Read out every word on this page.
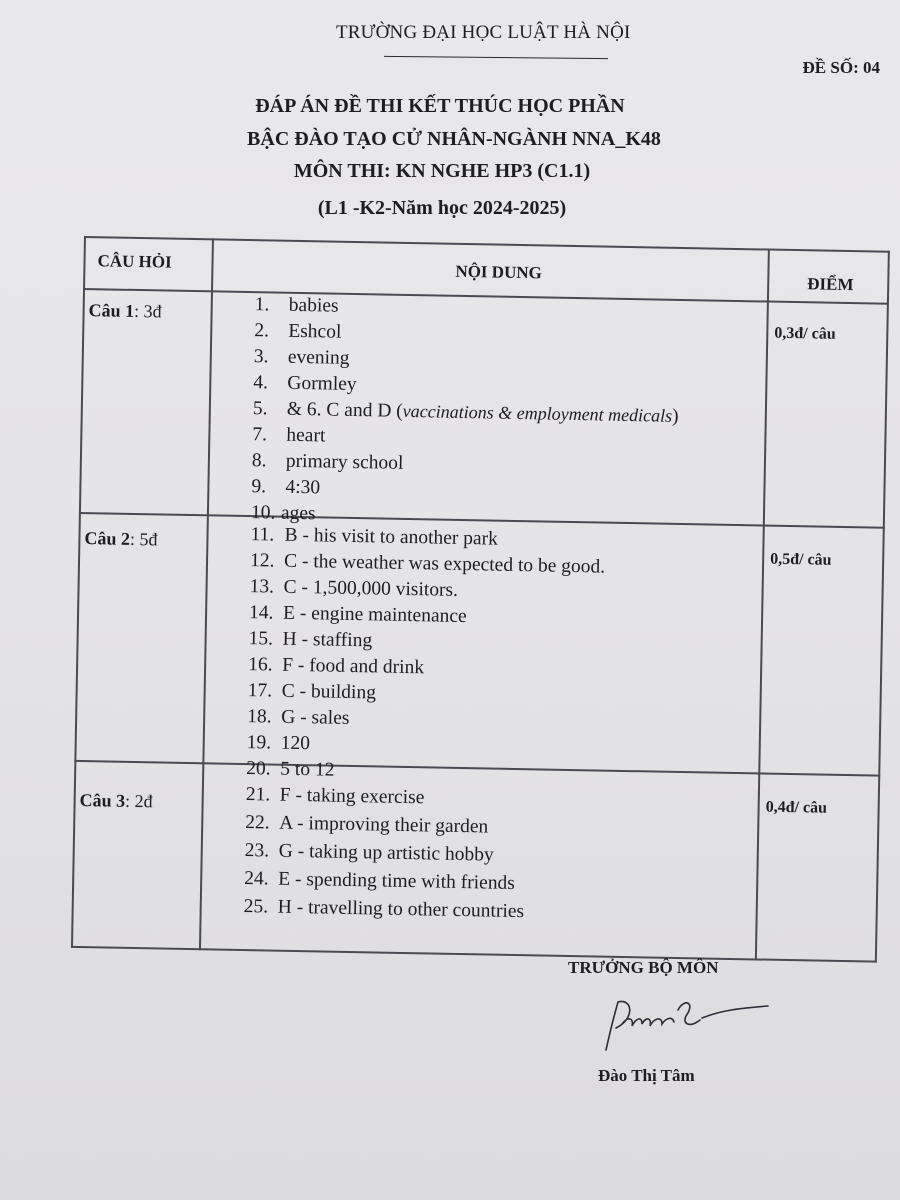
TRƯỜNG ĐẠI HỌC LUẬT HÀ NỘI
ĐỀ SỐ: 04
ĐÁP ÁN ĐỀ THI KẾT THÚC HỌC PHẦN
BẬC ĐÀO TẠO CỬ NHÂN-NGÀNH NNA_K48
MÔN THI: KN NGHE HP3 (C1.1)
(L1 -K2-Năm học 2024-2025)
CÂU HỎI
NỘI DUNG
ĐIỂM
Câu 1: 3đ
0,3đ/ câu
1. babies
2. Eshcol
3. evening
4. Gormley
5. & 6. C and D (vaccinations & employment medicals)
7. heart
8. primary school
9. 4:30
10. ages
Câu 2: 5đ
0,5đ/ câu
11. B - his visit to another park
12. C - the weather was expected to be good.
13. C - 1,500,000 visitors.
14. E - engine maintenance
15. H - staffing
16. F - food and drink
17. C - building
18. G - sales
19. 120
20. 5 to 12
Câu 3: 2đ	0,4đ/ câu
21. F - taking exercise
22. A - improving their garden
23. G - taking up artistic hobby
24. E - spending time with friends
25. H - travelling to other countries
TRƯỞNG BỘ MÔN
Đào Thị Tâm
